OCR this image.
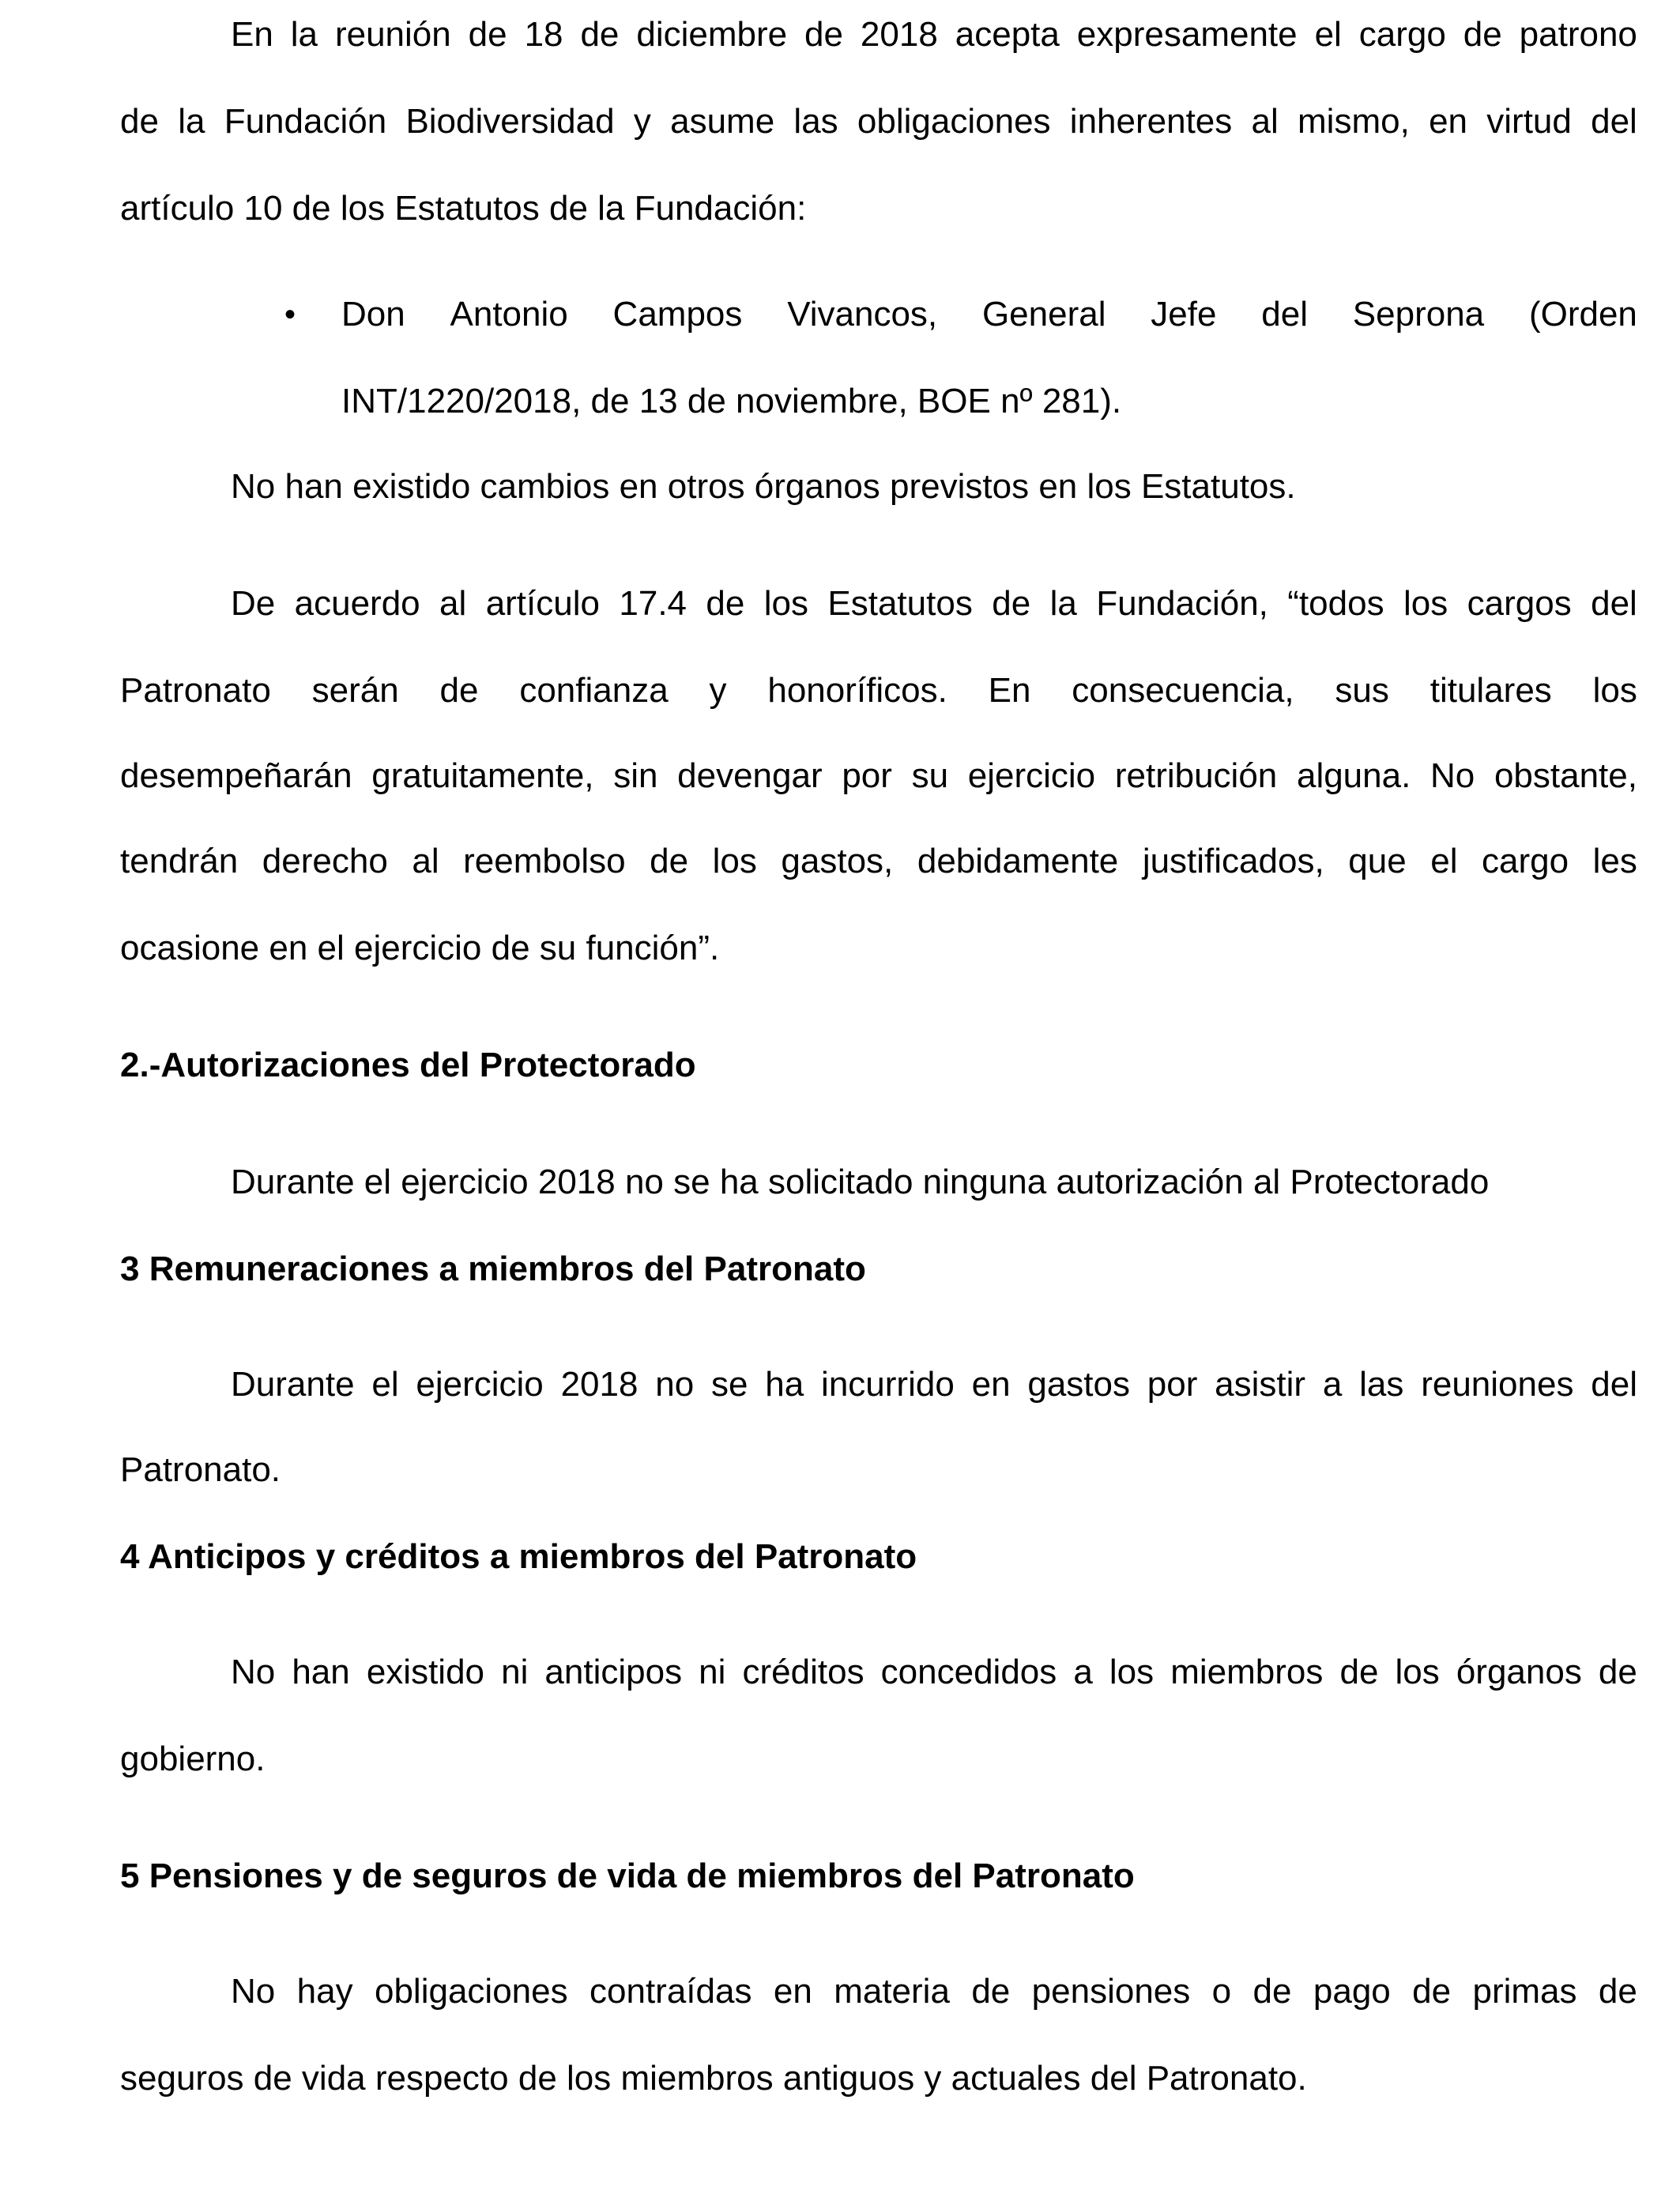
En la reunión de 18 de diciembre de 2018 acepta expresamente el cargo de patrono
de la Fundación Biodiversidad y asume las obligaciones inherentes al mismo, en virtud del
artículo 10 de los Estatutos de la Fundación:
• Don Antonio Campos Vivancos, General Jefe del Seprona (Orden
INT/1220/2018, de 13 de noviembre, BOE nº 281).
No han existido cambios en otros órganos previstos en los Estatutos.
De acuerdo al artículo 17.4 de los Estatutos de la Fundación, “todos los cargos del
Patronato serán de confianza y honoríficos. En consecuencia, sus titulares los
desempeñarán gratuitamente, sin devengar por su ejercicio retribución alguna. No obstante,
tendrán derecho al reembolso de los gastos, debidamente justificados, que el cargo les
ocasione en el ejercicio de su función”.
2.-Autorizaciones del Protectorado
Durante el ejercicio 2018 no se ha solicitado ninguna autorización al Protectorado
3 Remuneraciones a miembros del Patronato
Durante el ejercicio 2018 no se ha incurrido en gastos por asistir a las reuniones del
Patronato.
4 Anticipos y créditos a miembros del Patronato
No han existido ni anticipos ni créditos concedidos a los miembros de los órganos de
gobierno.
5 Pensiones y de seguros de vida de miembros del Patronato
No hay obligaciones contraídas en materia de pensiones o de pago de primas de
seguros de vida respecto de los miembros antiguos y actuales del Patronato.
